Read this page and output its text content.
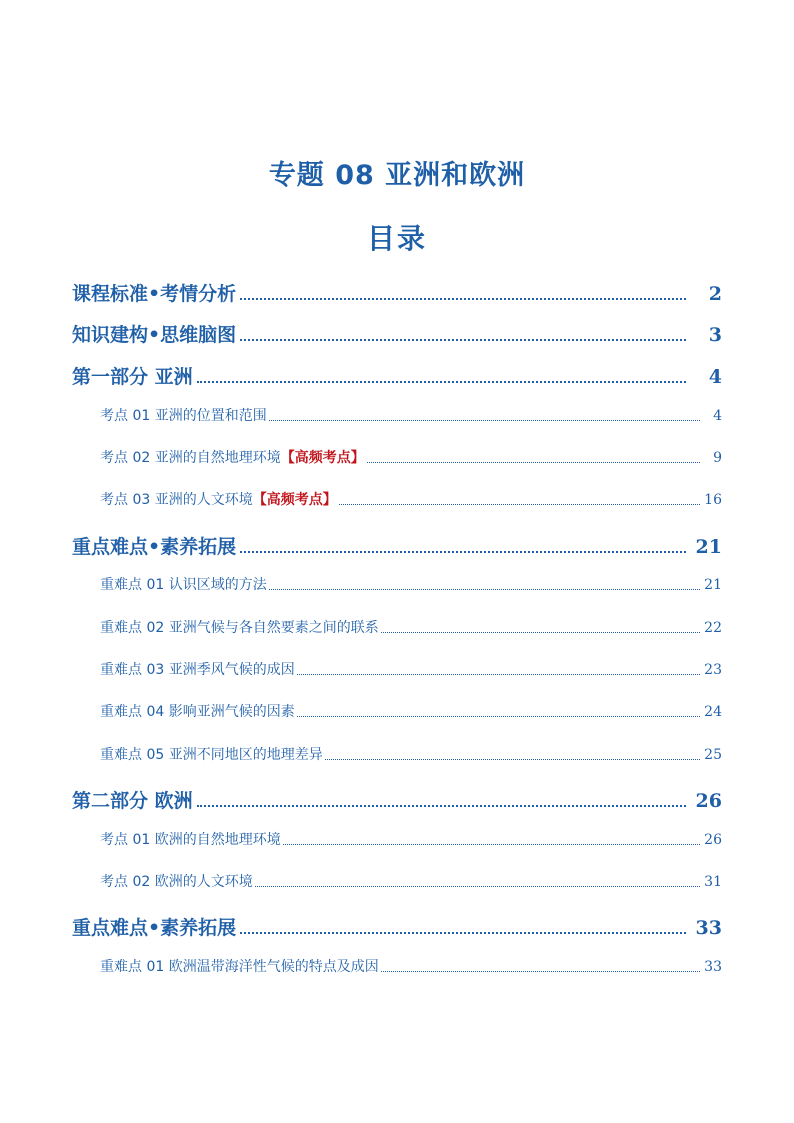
专题 08 亚洲和欧洲
目录
课程标准•考情分析	2
知识建构•思维脑图	3
第一部分 亚洲	4
考点 01 亚洲的位置和范围	4
考点 02 亚洲的自然地理环境 【高频考点】	9
考点 03 亚洲的人文环境 【高频考点】	16
重点难点•素养拓展	21
重难点 01 认识区域的方法	21
重难点 02 亚洲气候与各自然要素之间的联系	22
重难点 03 亚洲季风气候的成因	23
重难点 04 影响亚洲气候的因素	24
重难点 05 亚洲不同地区的地理差异	25
第二部分 欧洲	26
考点 01 欧洲的自然地理环境	26
考点 02 欧洲的人文环境	31
重点难点•素养拓展	33
重难点 01 欧洲温带海洋性气候的特点及成因	33
